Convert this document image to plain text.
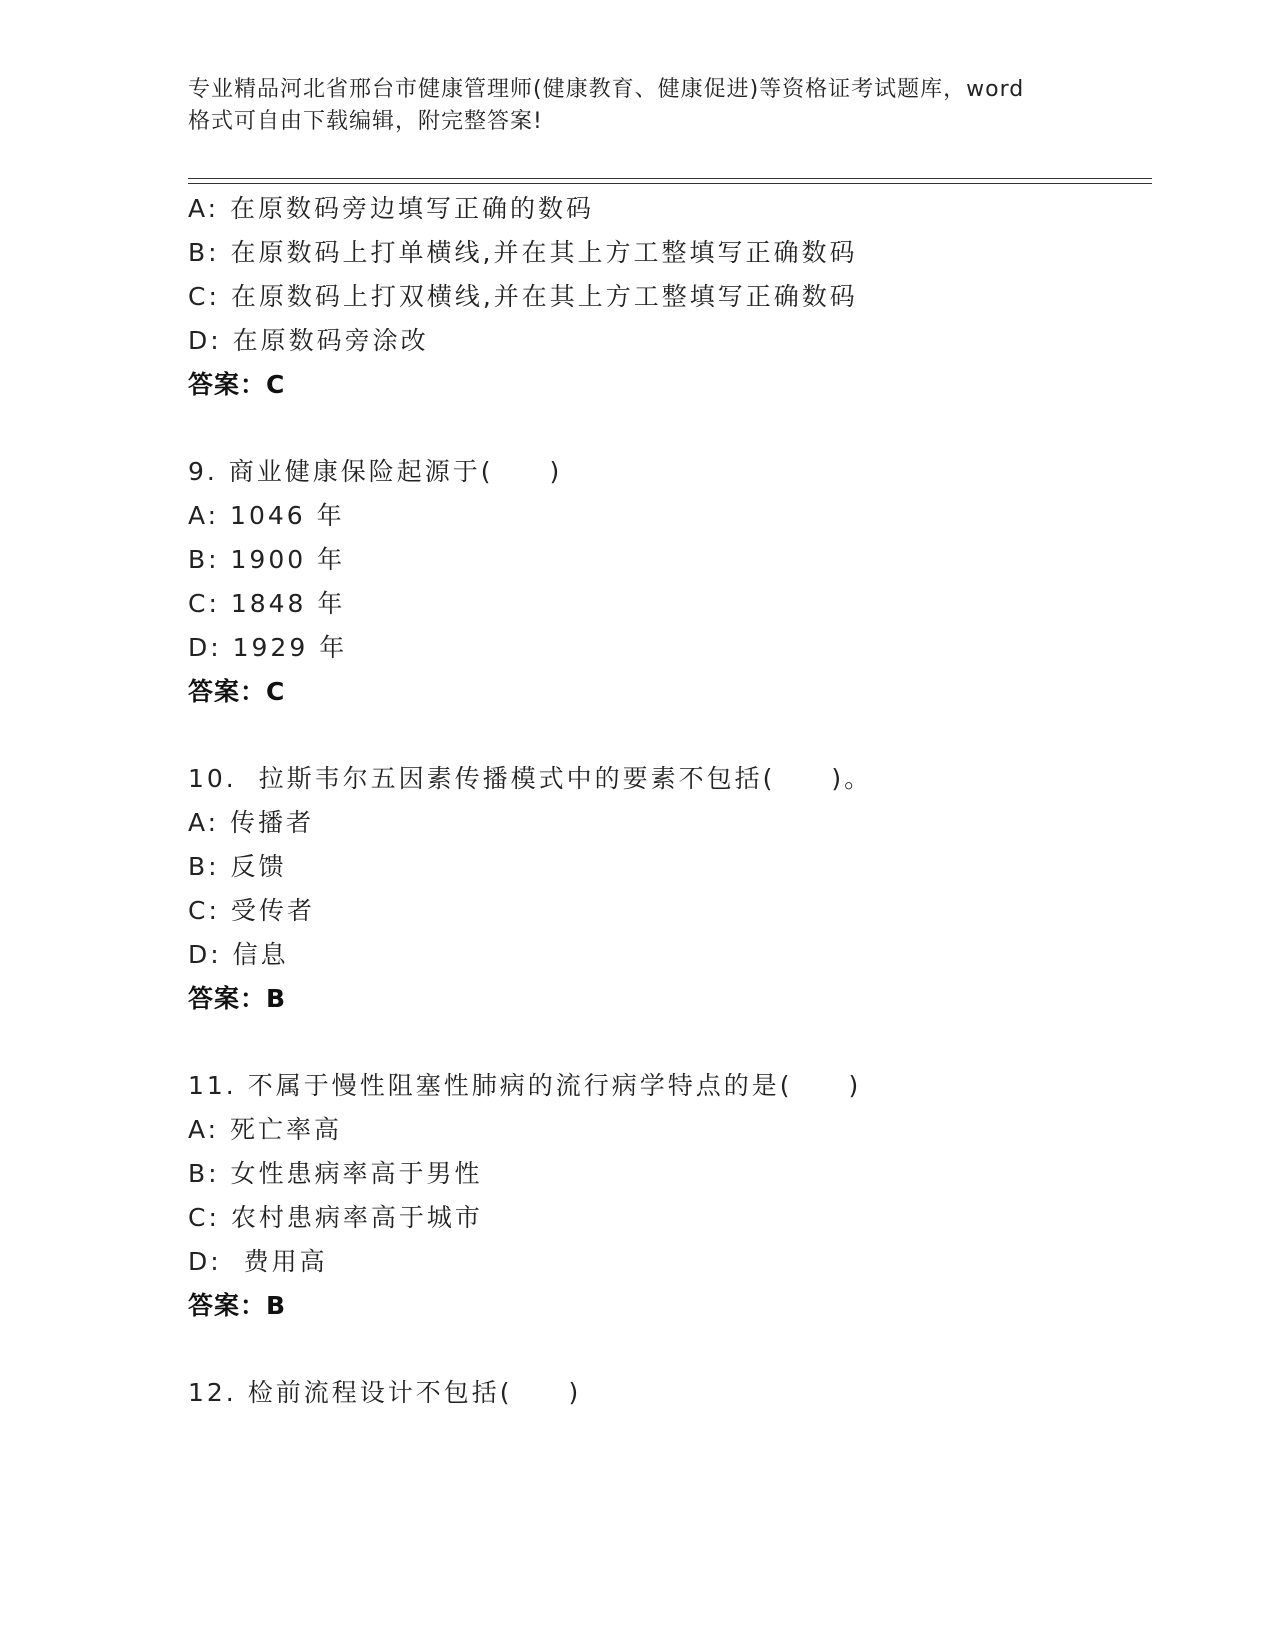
专业精品河北省邢台市健康管理师(健康教育、健康促进)等资格证考试题库，word
格式可自由下载编辑，附完整答案!
A: 在原数码旁边填写正确的数码
B: 在原数码上打单横线,并在其上方工整填写正确数码
C: 在原数码上打双横线,并在其上方工整填写正确数码
D: 在原数码旁涂改
答案：C
9. 商业健康保险起源于(　　)
A: 1046 年
B: 1900 年
C: 1848 年
D: 1929 年
答案：C
10.  拉斯韦尔五因素传播模式中的要素不包括(　　)。
A: 传播者
B: 反馈
C: 受传者
D: 信息
答案：B
11. 不属于慢性阻塞性肺病的流行病学特点的是(　　)
A: 死亡率高
B: 女性患病率高于男性
C: 农村患病率高于城市
D:  费用高
答案：B
12. 检前流程设计不包括(　　)
